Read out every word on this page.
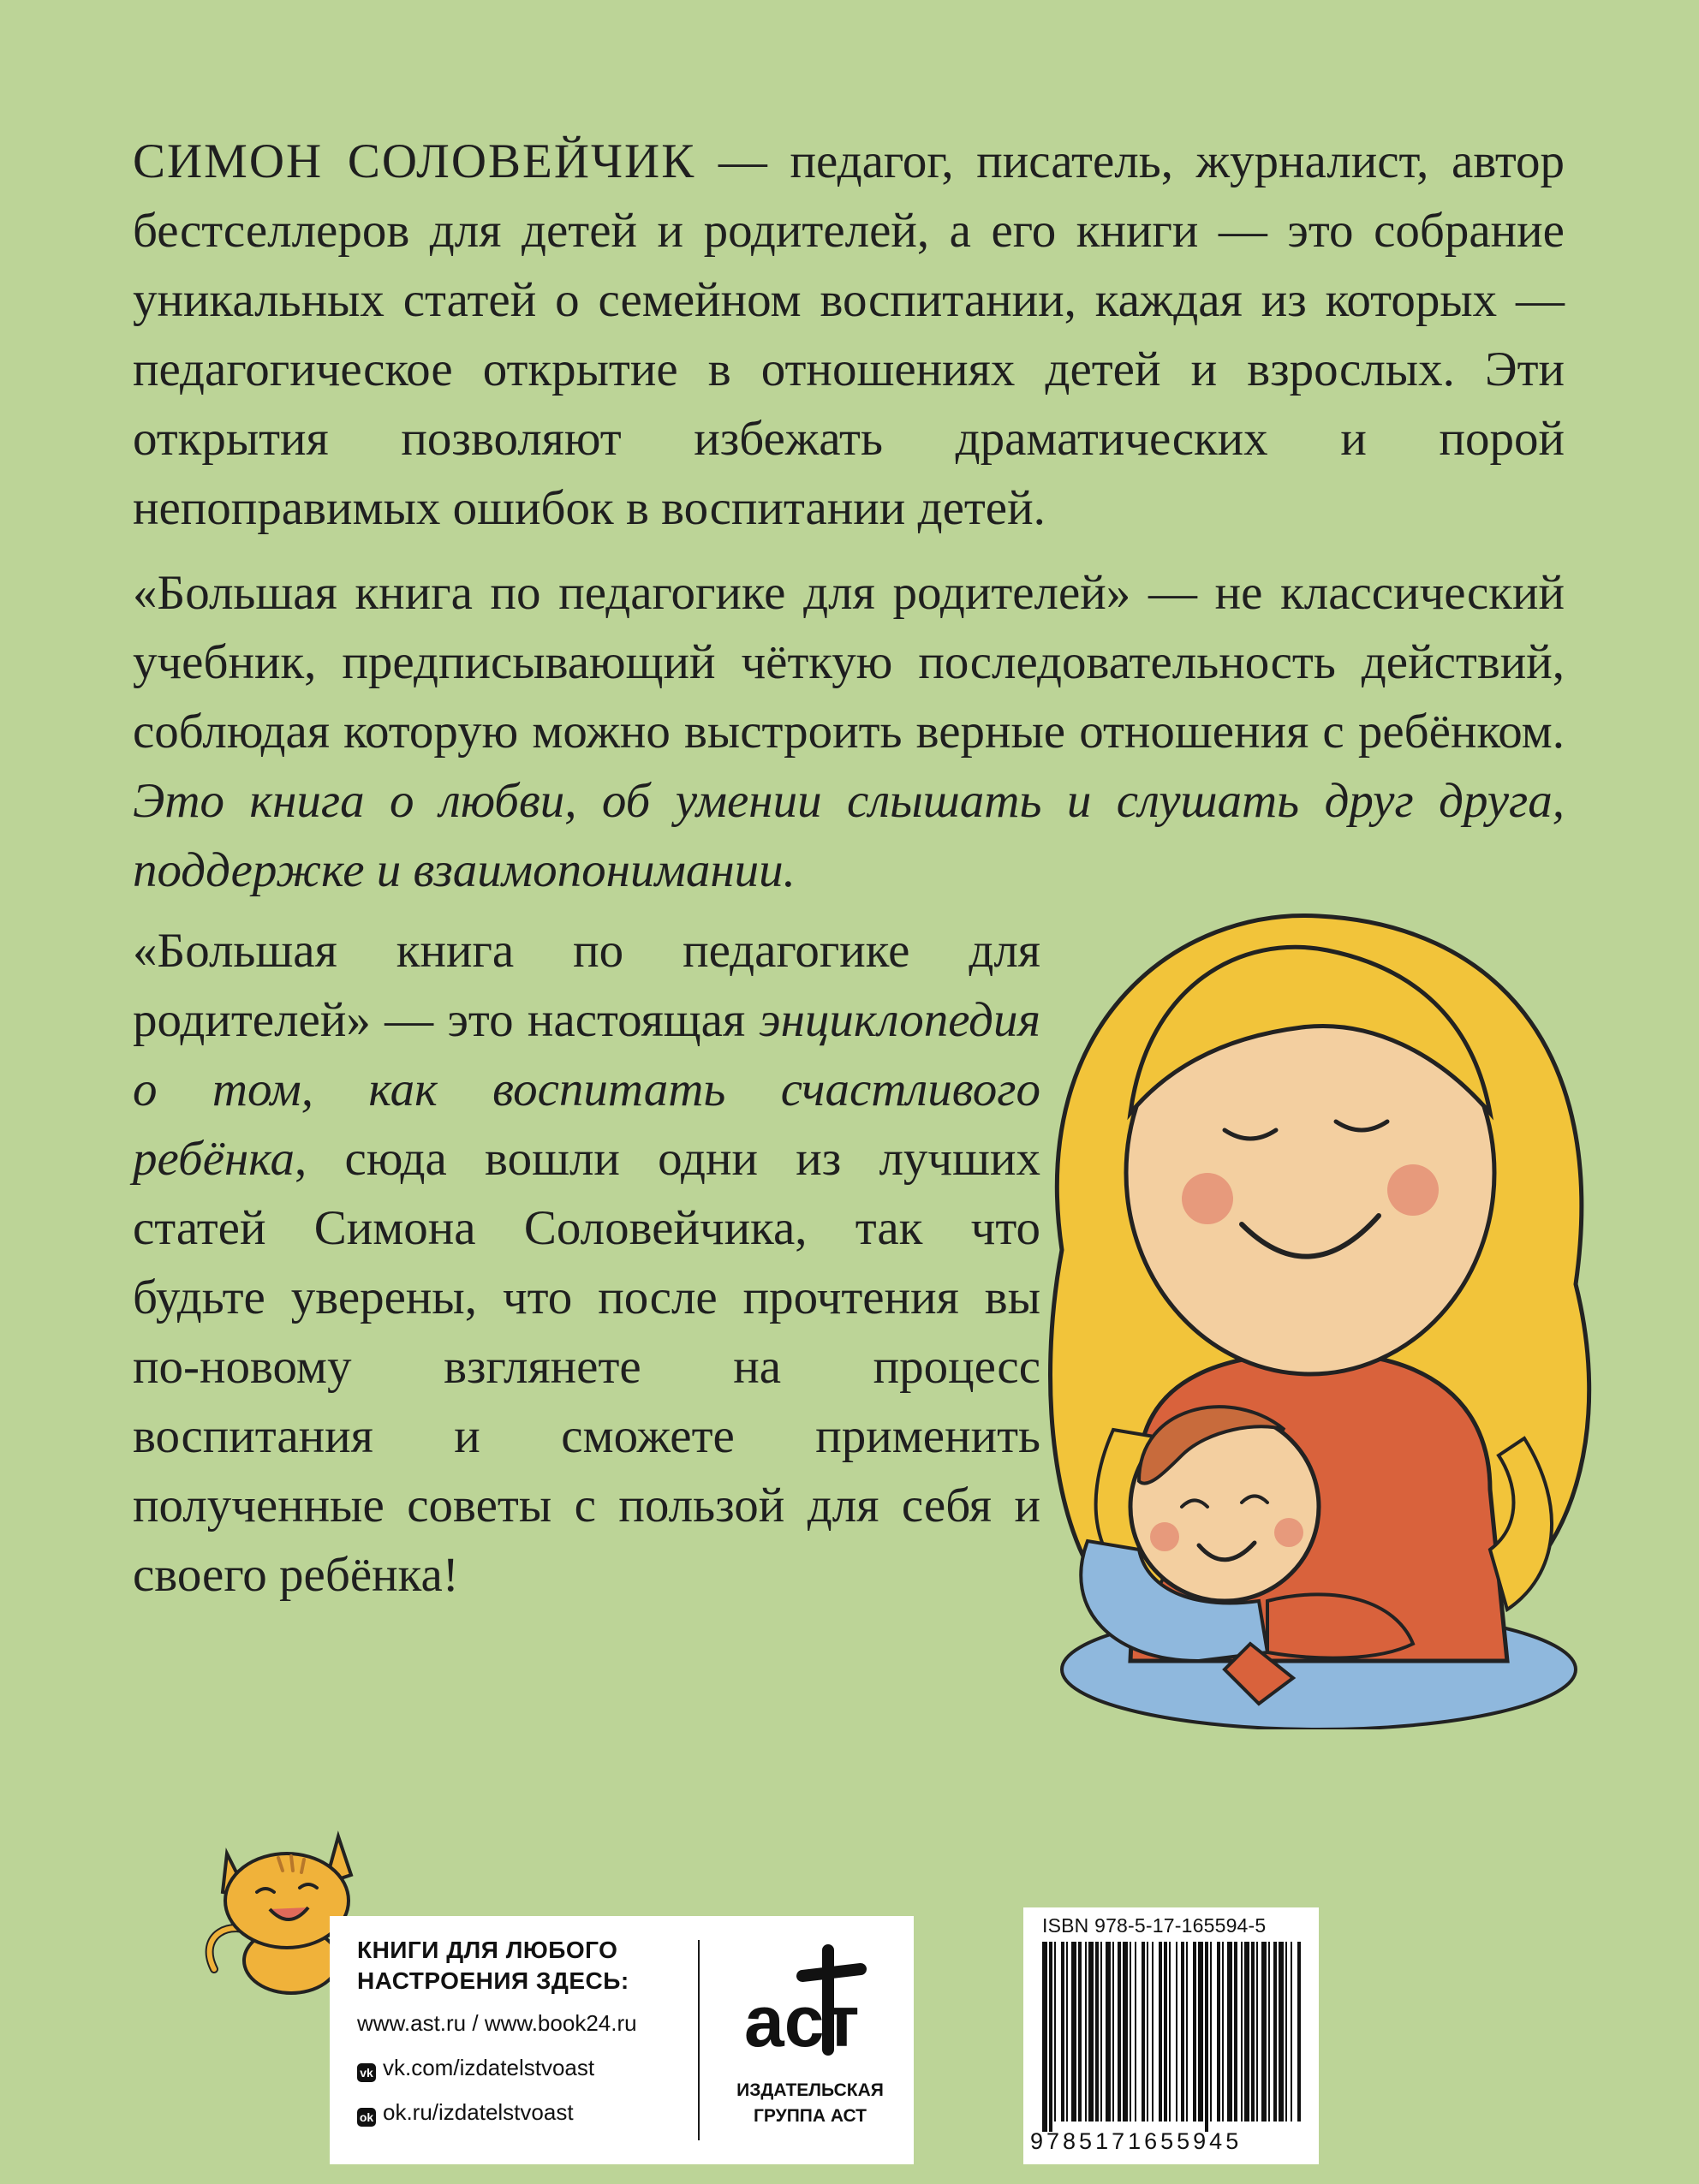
СИМОН СОЛОВЕЙЧИК — педагог, писатель, журналист, автор бестселлеров для детей и родителей, а его книги — это собрание уникальных статей о семейном воспитании, каждая из которых — педагогическое открытие в отношениях детей и взрослых. Эти открытия позволяют избежать драматических и порой непоправимых ошибок в воспитании детей.

«Большая книга по педагогике для родителей» — не классический учебник, предписывающий чёткую последовательность действий, соблюдая которую можно выстроить верные отношения с ребёнком. Это книга о любви, об умении слышать и слушать друг друга, поддержке и взаимопонимании.

«Большая книга по педагогике для родителей» — это настоящая энциклопедия о том, как воспитать счастливого ребёнка, сюда вошли одни из лучших статей Симона Соловейчика, так что будьте уверены, что после прочтения вы по-новому взглянете на процесс воспитания и сможете применить полученные советы с пользой для себя и своего ребёнка!

КНИГИ ДЛЯ ЛЮБОГО
НАСТРОЕНИЯ ЗДЕСЬ:
www.ast.ru / www.book24.ru
vk vk.com/izdatelstvoast
ok ok.ru/izdatelstvoast
аст
ИЗДАТЕЛЬСКАЯ
ГРУППА АСТ
ISBN 978-5-17-165594-5
9785171655945
